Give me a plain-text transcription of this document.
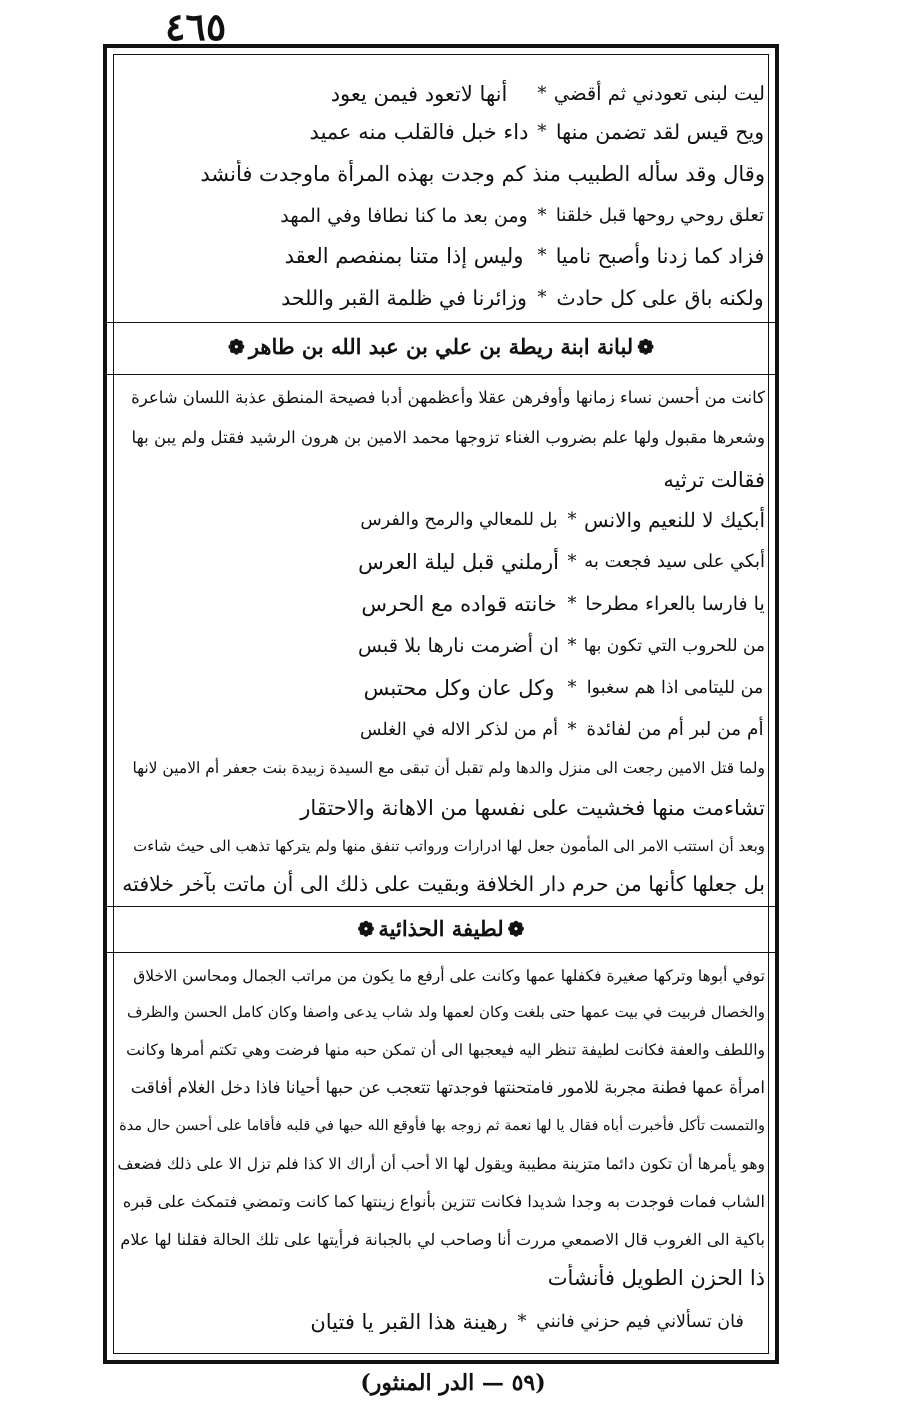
٤٦٥
ليت لبنى تعودني ثم أقضي
*
أنها لاتعود فيمن يعود
ويح قيس لقد تضمن منها
*
داء خبل فالقلب منه عميد
وقال وقد سأله الطبيب منذ كم وجدت بهذه المرأة ماوجدت فأنشد
تعلق روحي روحها قبل خلقنا
*
ومن بعد ما كنا نطافا وفي المهد
فزاد كما زدنا وأصبح ناميا
*
وليس إذا متنا بمنفصم العقد
ولكنه باق على كل حادث
*
وزائرنا في ظلمة القبر واللحد
❁لبانة ابنة ريطة بن علي بن عبد الله بن طاهر❁
كانت من أحسن نساء زمانها وأوفرهن عقلا وأعظمهن أدبا فصيحة المنطق عذبة اللسان شاعرة
وشعرها مقبول ولها علم بضروب الغناء تزوجها محمد الامين بن هرون الرشيد فقتل ولم يبن بها
فقالت ترثيه
أبكيك لا للنعيم والانس
*
بل للمعالي والرمح والفرس
أبكي على سيد فجعت به
*
أرملني قبل ليلة العرس
يا فارسا بالعراء مطرحا
*
خانته قواده مع الحرس
من للحروب التي تكون بها
*
ان أضرمت نارها بلا قبس
من لليتامى اذا هم سغبوا
*
وكل عان وكل محتبس
أم من لبر أم من لفائدة
*
أم من لذكر الاله في الغلس
ولما قتل الامين رجعت الى منزل والدها ولم تقبل أن تبقى مع السيدة زبيدة بنت جعفر أم الامين لانها
تشاءمت منها فخشيت على نفسها من الاهانة والاحتقار
وبعد أن استتب الامر الى المأمون جعل لها ادرارات ورواتب تنفق منها ولم يتركها تذهب الى حيث شاءت
بل جعلها كأنها من حرم دار الخلافة وبقيت على ذلك الى أن ماتت بآخر خلافته
❁لطيفة الحذائية❁
توفي أبوها وتركها صغيرة فكفلها عمها وكانت على أرفع ما يكون من مراتب الجمال ومحاسن الاخلاق
والخصال فربيت في بيت عمها حتى بلغت وكان لعمها ولد شاب يدعى واصفا وكان كامل الحسن والظرف
واللطف والعفة فكانت لطيفة تنظر اليه فيعجبها الى أن تمكن حبه منها فرضت وهي تكتم أمرها وكانت
امرأة عمها فطنة مجربة للامور فامتحنتها فوجدتها تتعجب عن حبها أحيانا فاذا دخل الغلام أفاقت
والتمست تأكل فأخبرت أباه فقال يا لها نعمة ثم زوجه بها فأوقع الله حبها في قلبه فأقاما على أحسن حال مدة
وهو يأمرها أن تكون دائما متزينة مطيبة ويقول لها الا أحب أن أراك الا كذا فلم تزل الا على ذلك فضعف
الشاب فمات فوجدت به وجدا شديدا فكانت تتزين بأنواع زينتها كما كانت وتمضي فتمكث على قبره
باكية الى الغروب قال الاصمعي مررت أنا وصاحب لي بالجبانة فرأيتها على تلك الحالة فقلنا لها علام
ذا الحزن الطويل فأنشأت
فان تسألاني فيم حزني فانني
*
رهينة هذا القبر يا فتيان
(٥٩ — الدر المنثور)
